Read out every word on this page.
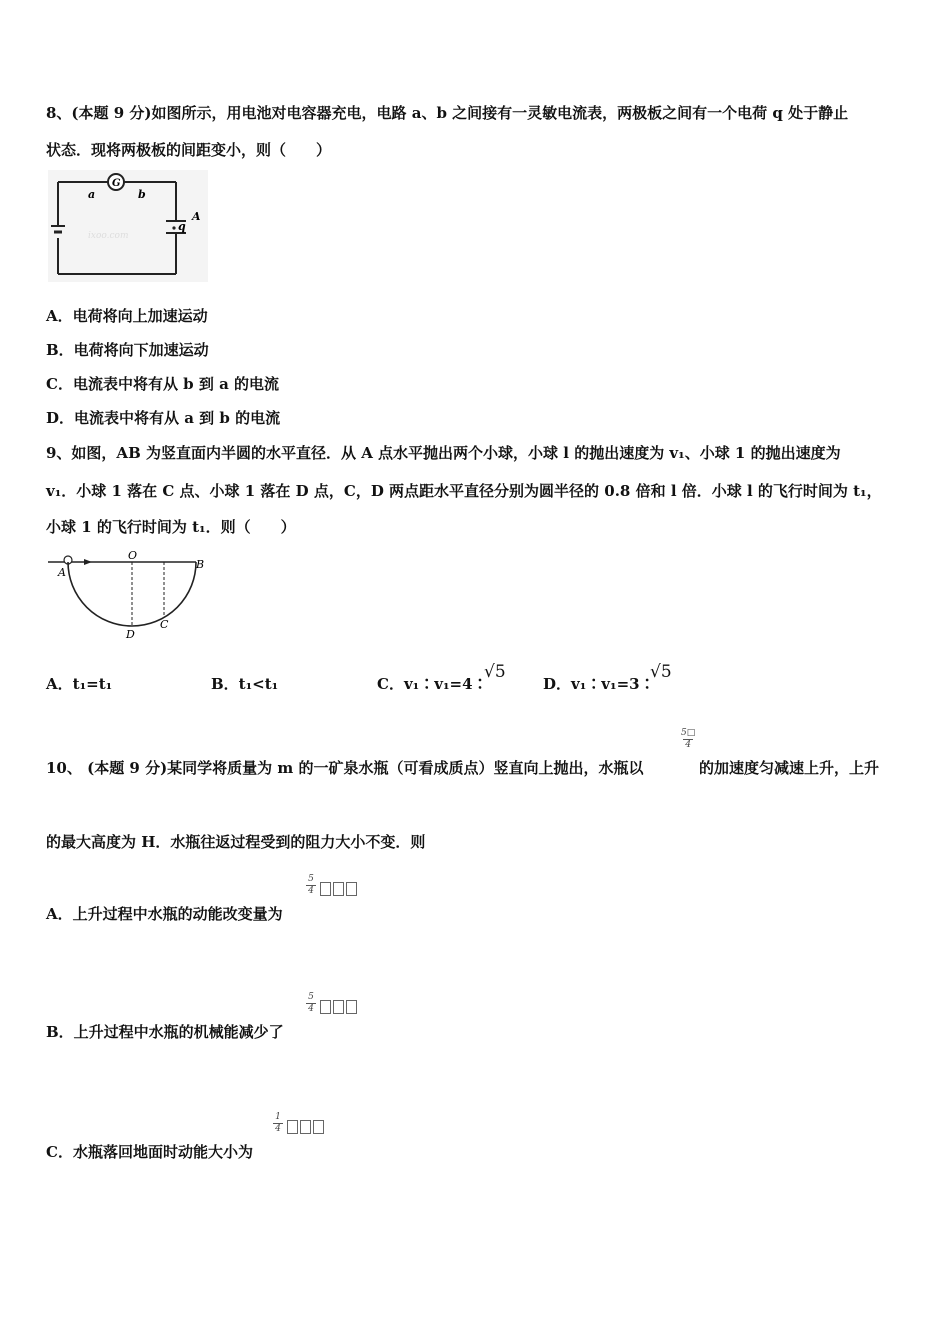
8、(本题 9 分)如图所示，用电池对电容器充电，电路 a、b 之间接有一灵敏电流表，两极板之间有一个电荷 q 处于静止
状态．现将两极板的间距变小，则（　　）
G
a	b
q
A
ixoo.com
A．电荷将向上加速运动
B．电荷将向下加速运动
C．电流表中将有从 b 到 a 的电流
D．电流表中将有从 a 到 b 的电流
9、如图，AB 为竖直面内半圆的水平直径．从 A 点水平抛出两个小球，小球 l 的抛出速度为 v₁、小球 1 的抛出速度为
v₁．小球 1 落在 C 点、小球 1 落在 D 点，C，D 两点距水平直径分别为圆半径的 0.8 倍和 l 倍．小球 l 的飞行时间为 t₁，
小球 1 的飞行时间为 t₁．则（　　）
A
O
B
D
C
A．t₁=t₁	B．t₁<t₁	C．v₁∶v₁=4∶
√5
D．v₁∶v₁=3∶
√5
5□
4
10、 (本题 9 分)某同学将质量为 m 的一矿泉水瓶（可看成质点）竖直向上抛出，水瓶以	的加速度匀减速上升，上升
的最大高度为 H．水瓶往返过程受到的阻力大小不变．则
5
4
A．上升过程中水瓶的动能改变量为
5
4
B．上升过程中水瓶的机械能减少了
1
4
C．水瓶落回地面时动能大小为
